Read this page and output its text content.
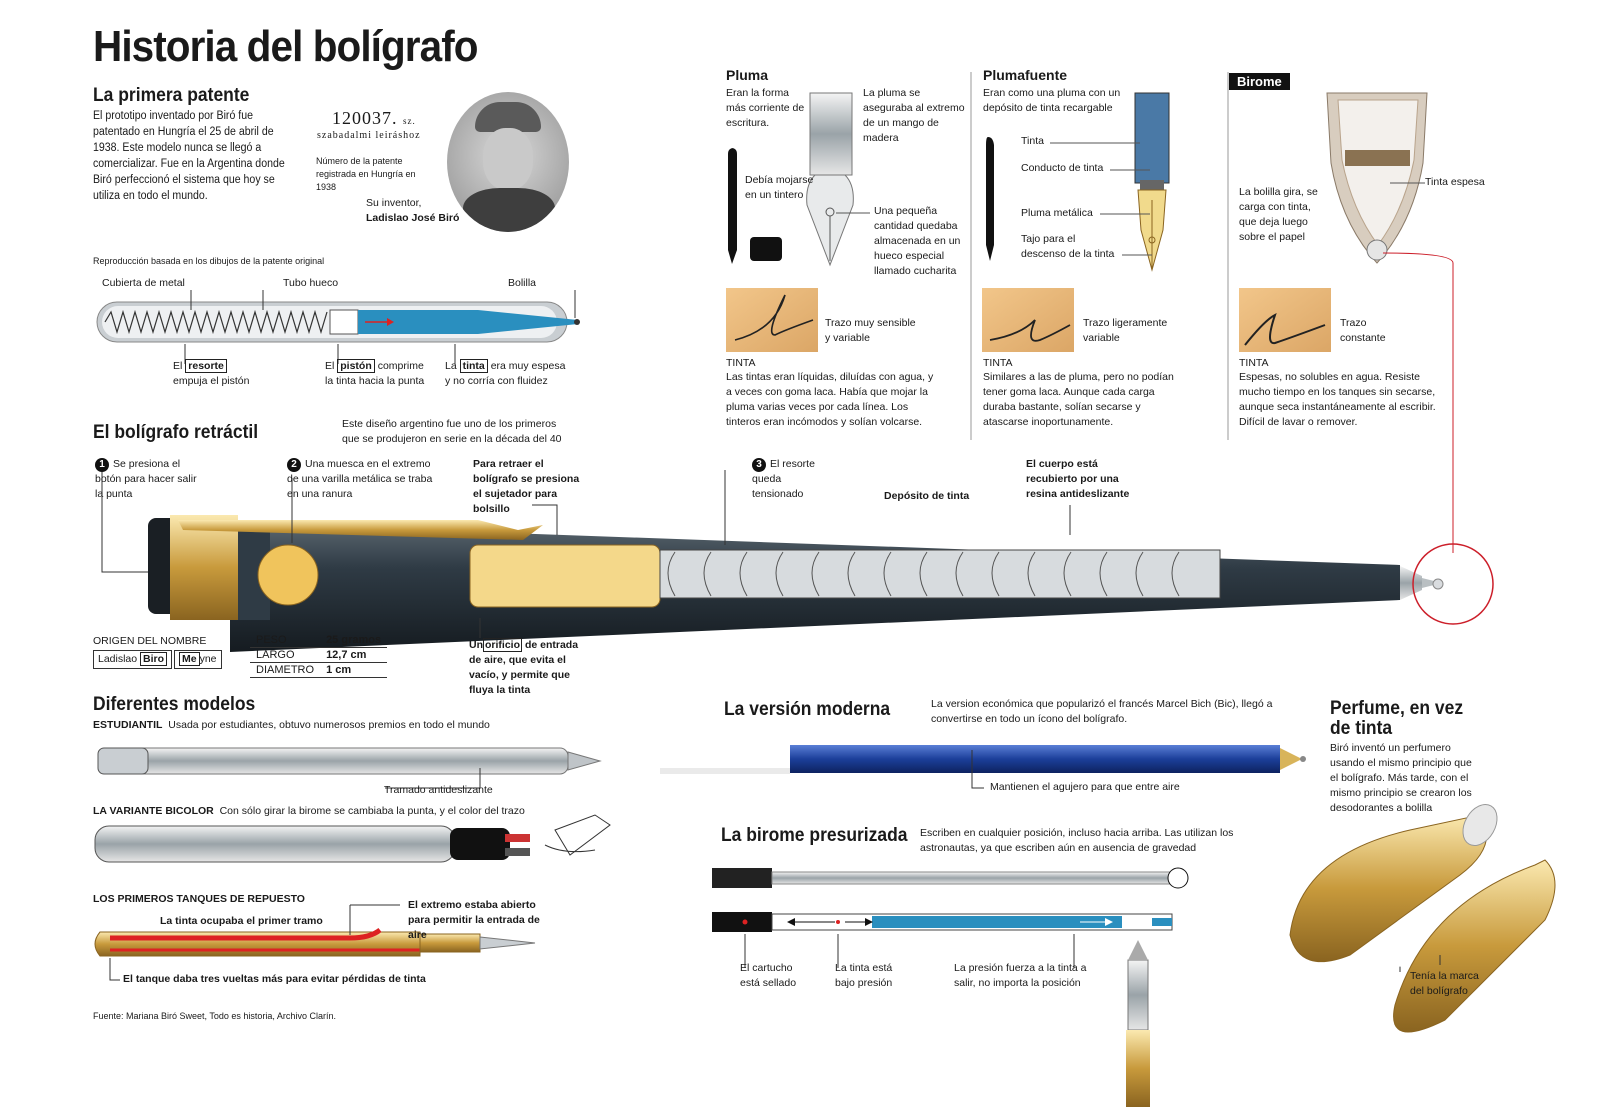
Historia del bolígrafo
La primera patente
El prototipo inventado por Biró fue patentado en Hungría el 25 de abril de 1938. Este modelo nunca se llegó a comercializar. Fue en la Argentina donde Biró perfeccionó el sistema que hoy se utiliza en todo el mundo.
120037. sz.
szabadalmi leiráshoz
Número de la patente registrada en Hungría en 1938
Su inventor,
Ladislao José Biró
Reproducción basada en los dibujos de la patente original
Cubierta de metal	Tubo hueco	Bolilla
El resorte
empuja el pistón
El pistón comprime
la tinta hacia la punta
La tinta era muy espesa
y no corría con fluidez
Pluma
Eran la forma más corriente de escritura.
La pluma se aseguraba al extremo de un mango de madera
Debía mojarse en un tintero
Una pequeña cantidad quedaba almacenada en un hueco especial llamado cucharita
Trazo muy sensible y variable
TINTA
Las tintas eran líquidas, diluídas con agua, y a veces con goma laca. Había que mojar la pluma varias veces por cada línea. Los tinteros eran incómodos y solían volcarse.
Plumafuente
Eran como una pluma con un depósito de tinta recargable
Tinta
Conducto de tinta
Pluma metálica
Tajo para el descenso de la tinta
Trazo ligeramente variable
TINTA
Similares a las de pluma, pero no podían tener goma laca. Aunque cada carga duraba bastante, solían secarse y atascarse inoportunamente.
Birome
La bolilla gira, se carga con tinta, que deja luego sobre el papel
Tinta espesa
Trazo constante
TINTA
Espesas, no solubles en agua. Resiste mucho tiempo en los tanques sin secarse, aunque seca instantáneamente al escribir. Difícil de lavar o remover.
El bolígrafo retráctil	Este diseño argentino fue uno de los primeros que se produjeron en serie en la década del 40
1 Se presiona el botón para hacer salir la punta
2 Una muesca en el extremo de una varilla metálica se traba en una ranura
Para retraer el bolígrafo se presiona el sujetador para bolsillo
3 El resorte queda tensionado	Depósito de tinta
El cuerpo está recubierto por una resina antideslizante
Un orificio de entrada de aire, que evita el vacío, y permite que fluya la tinta
ORIGEN DEL NOMBRE
Ladislao Biro	Me yne
PESO	25 gramos
LARGO	12,7 cm
DIAMETRO	1 cm
Diferentes modelos
ESTUDIANTIL Usada por estudiantes, obtuvo numerosos premios en todo el mundo
Tramado antideslizante
LA VARIANTE BICOLOR Con sólo girar la birome se cambiaba la punta, y el color del trazo
LOS PRIMEROS TANQUES DE REPUESTO
La tinta ocupaba el primer tramo
El extremo estaba abierto para permitir la entrada de aire
El tanque daba tres vueltas más para evitar pérdidas de tinta
Fuente: Mariana Biró Sweet, Todo es historia, Archivo Clarín.
La versión moderna	La version económica que popularizó el francés Marcel Bich (Bic), llegó a convertirse en todo un ícono del bolígrafo.
Mantienen el agujero para que entre aire
La birome presurizada Escriben en cualquier posición, incluso hacia arriba. Las utilizan los astronautas, ya que escriben aún en ausencia de gravedad
El cartucho está sellado
La tinta está bajo presión
La presión fuerza a la tinta a salir, no importa la posición
Perfume, en vez de tinta
Biró inventó un perfumero usando el mismo principio que el bolígrafo. Más tarde, con el mismo principio se crearon los desodorantes a bolilla
Tenía la marca del bolígrafo
